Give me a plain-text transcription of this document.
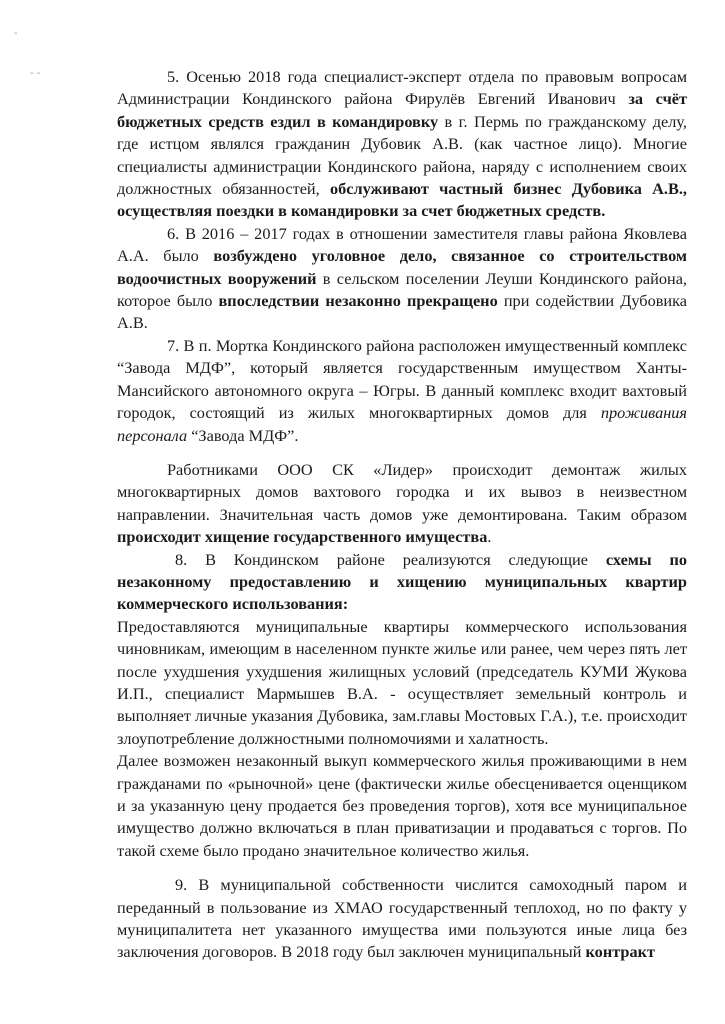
-
- -	5. Осенью 2018 года специалист-эксперт отдела по правовым вопросам Администрации Кондинского района Фирулёв Евгений Иванович за счёт бюджетных средств ездил в командировку в г. Пермь по гражданскому делу, где истцом являлся гражданин Дубовик А.В. (как частное лицо). Многие специалисты администрации Кондинского района, наряду с исполнением своих должностных обязанностей, обслуживают частный бизнес Дубовика А.В., осуществляя поездки в командировки за счет бюджетных средств.

6. В 2016 – 2017 годах в отношении заместителя главы района Яковлева А.А. было возбуждено уголовное дело, связанное со строительством водоочистных вооружений в сельском поселении Леуши Кондинского района, которое было впоследствии незаконно прекращено при содействии Дубовика А.В.

7. В п. Мортка Кондинского района расположен имущественный комплекс “Завода МДФ”, который является государственным имуществом Ханты-Мансийского автономного округа – Югры. В данный комплекс входит вахтовый городок, состоящий из жилых многоквартирных домов для проживания персонала “Завода МДФ”.

Работниками ООО СК «Лидер» происходит демонтаж жилых многоквартирных домов вахтового городка и их вывоз в неизвестном направлении. Значительная часть домов уже демонтирована. Таким образом происходит хищение государственного имущества.

8. В Кондинском районе реализуются следующие схемы по незаконному предоставлению и хищению муниципальных квартир коммерческого использования:

Предоставляются муниципальные квартиры коммерческого использования чиновникам, имеющим в населенном пункте жилье или ранее, чем через пять лет после ухудшения ухудшения жилищных условий (председатель КУМИ Жукова И.П., специалист Мармышев В.А. - осуществляет земельный контроль и выполняет личные указания Дубовика, зам.главы Мостовых Г.А.), т.е. происходит злоупотребление должностными полномочиями и халатность.

Далее возможен незаконный выкуп коммерческого жилья проживающими в нем гражданами по «рыночной» цене (фактически жилье обесценивается оценщиком и за указанную цену продается без проведения торгов), хотя все муниципальное имущество должно включаться в план приватизации и продаваться с торгов. По такой схеме было продано значительное количество жилья.

9. В муниципальной собственности числится самоходный паром и переданный в пользование из ХМАО государственный теплоход, но по факту у муниципалитета нет указанного имущества ими пользуются иные лица без заключения договоров. В 2018 году был заключен муниципальный контракт
